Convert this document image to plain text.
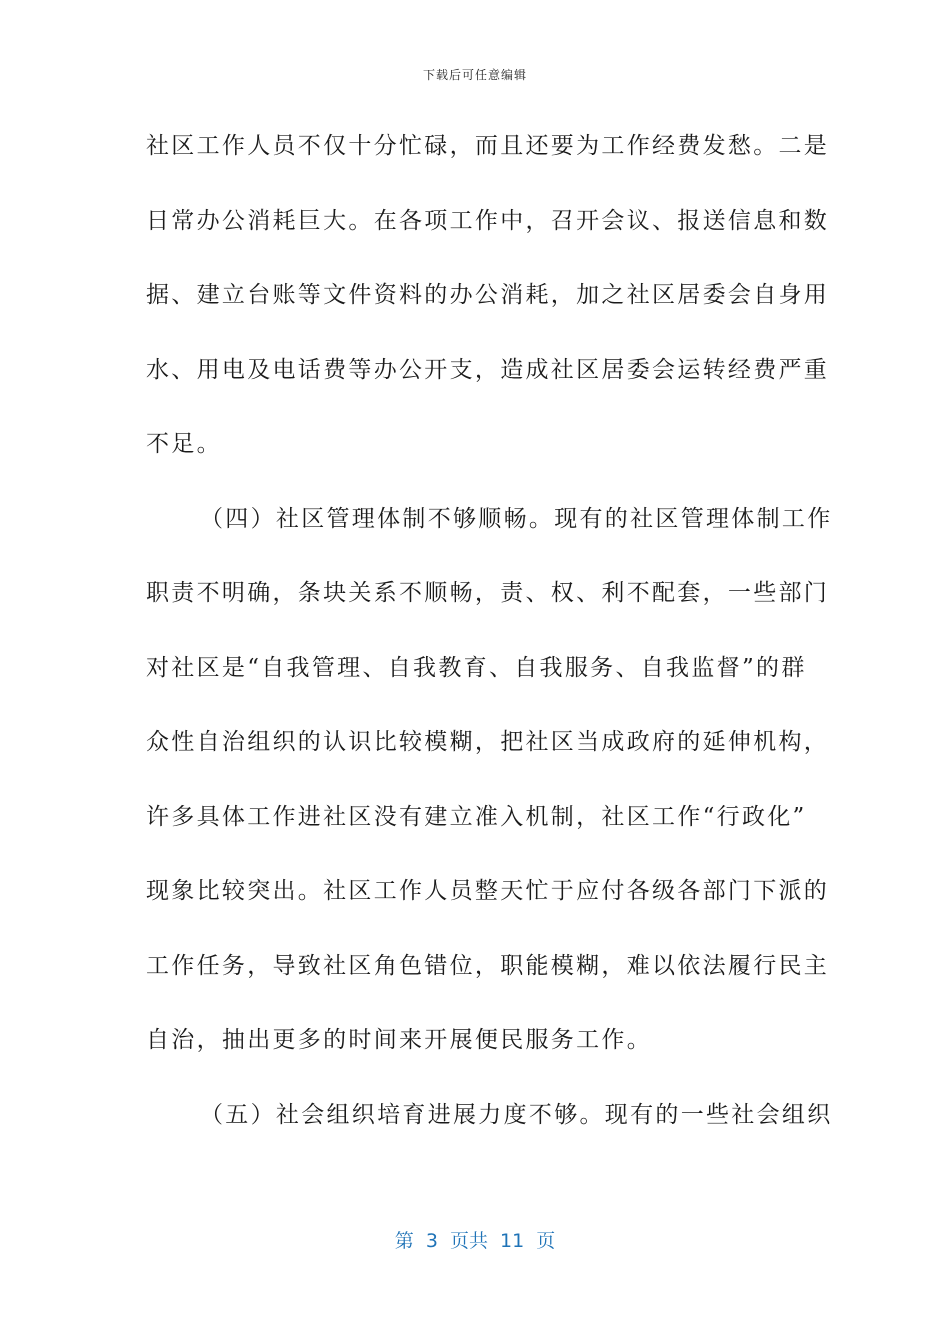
下载后可任意编辑
社区工作人员不仅十分忙碌，而且还要为工作经费发愁。二是
日常办公消耗巨大。在各项工作中，召开会议、报送信息和数
据、建立台账等文件资料的办公消耗，加之社区居委会自身用
水、用电及电话费等办公开支，造成社区居委会运转经费严重
不足。
（四）社区管理体制不够顺畅。现有的社区管理体制工作
职责不明确，条块关系不顺畅，责、权、利不配套，一些部门
对社区是“自我管理、自我教育、自我服务、自我监督”的群
众性自治组织的认识比较模糊，把社区当成政府的延伸机构，
许多具体工作进社区没有建立准入机制，社区工作“行政化”
现象比较突出。社区工作人员整天忙于应付各级各部门下派的
工作任务，导致社区角色错位，职能模糊，难以依法履行民主
自治，抽出更多的时间来开展便民服务工作。
（五）社会组织培育进展力度不够。现有的一些社会组织
第 3 页共 11 页
